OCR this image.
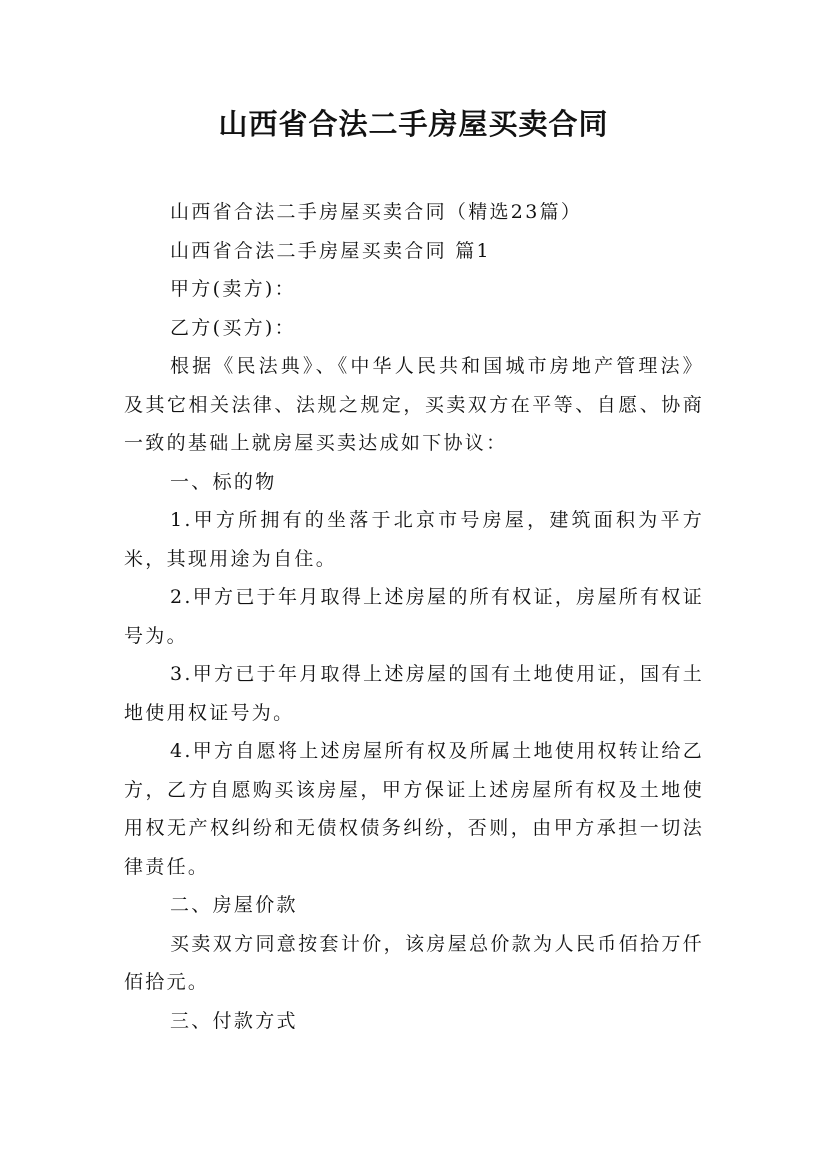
山西省合法二手房屋买卖合同

山西省合法二手房屋买卖合同（精选23篇）

山西省合法二手房屋买卖合同 篇1

甲方(卖方)：

乙方(买方)：

根据《民法典》、《中华人民共和国城市房地产管理法》及其它相关法律、法规之规定，买卖双方在平等、自愿、协商一致的基础上就房屋买卖达成如下协议：

一、标的物

1.甲方所拥有的坐落于北京市号房屋，建筑面积为平方米，其现用途为自住。

2.甲方已于年月取得上述房屋的所有权证，房屋所有权证号为。

3.甲方已于年月取得上述房屋的国有土地使用证，国有土地使用权证号为。

4.甲方自愿将上述房屋所有权及所属土地使用权转让给乙方，乙方自愿购买该房屋，甲方保证上述房屋所有权及土地使用权无产权纠纷和无债权债务纠纷，否则，由甲方承担一切法律责任。

二、房屋价款

买卖双方同意按套计价，该房屋总价款为人民币佰拾万仟佰拾元。

三、付款方式
